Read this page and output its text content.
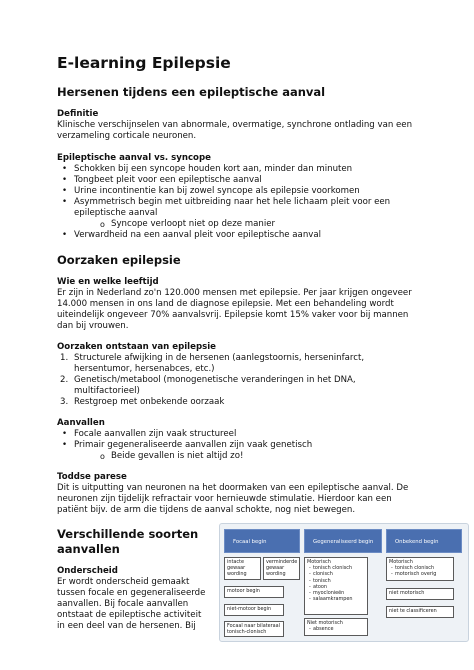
E-learning Epilepsie
Hersenen tijdens een epileptische aanval
Definitie

Klinische verschijnselen van abnormale, overmatige, synchrone ontlading van een verzameling corticale neuronen.

Epileptische aanval vs. syncope
• Schokken bij een syncope houden kort aan, minder dan minuten
• Tongbeet pleit voor een epileptische aanval
• Urine incontinentie kan bij zowel syncope als epilepsie voorkomen
• Asymmetrisch begin met uitbreiding naar het hele lichaam pleit voor een epileptische aanval
o Syncope verloopt niet op deze manier
• Verwardheid na een aanval pleit voor epileptische aanval
Oorzaken epilepsie
Wie en welke leeftijd

Er zijn in Nederland zo'n 120.000 mensen met epilepsie. Per jaar krijgen ongeveer 14.000 mensen in ons land de diagnose epilepsie. Met een behandeling wordt uiteindelijk ongeveer 70% aanvalsvrij. Epilepsie komt 15% vaker voor bij mannen dan bij vrouwen.

Oorzaken ontstaan van epilepsie
1. Structurele afwijking in de hersenen (aanlegstoornis, herseninfarct, hersentumor, hersenabces, etc.)
2. Genetisch/metabool (monogenetische veranderingen in het DNA, multifactorieel)
3. Restgroep met onbekende oorzaak
Aanvallen
• Focale aanvallen zijn vaak structureel
• Primair gegeneraliseerde aanvallen zijn vaak genetisch
o Beide gevallen is niet altijd zo!
Toddse parese

Dit is uitputting van neuronen na het doormaken van een epileptische aanval. De neuronen zijn tijdelijk refractair voor hernieuwde stimulatie. Hierdoor kan een patiënt bijv. de arm die tijdens de aanval schokte, nog niet bewegen.

Verschillende soorten aanvallen
Onderscheid

Er wordt onderscheid gemaakt tussen focale en gegeneraliseerde aanvallen. Bij focale aanvallen ontstaat de epileptische activiteit in een deel van de hersenen. Bij

Focaal begin	Gegeneraliseerd begin	Onbekend begin
intacte gewaar wording
verminderde gewaar wording
motoor begin
niet-motoor begin
Focaal naar bilateraal tonisch-clonisch
Motorisch
- tonisch clonisch
- clonisch
- tonisch
- atoon
- myoclonieën
- salaamkrampen
Niet motorisch
- absence
Motorisch
- tonisch clonisch
- motorisch overig
niet motorisch
niet te classificeren
